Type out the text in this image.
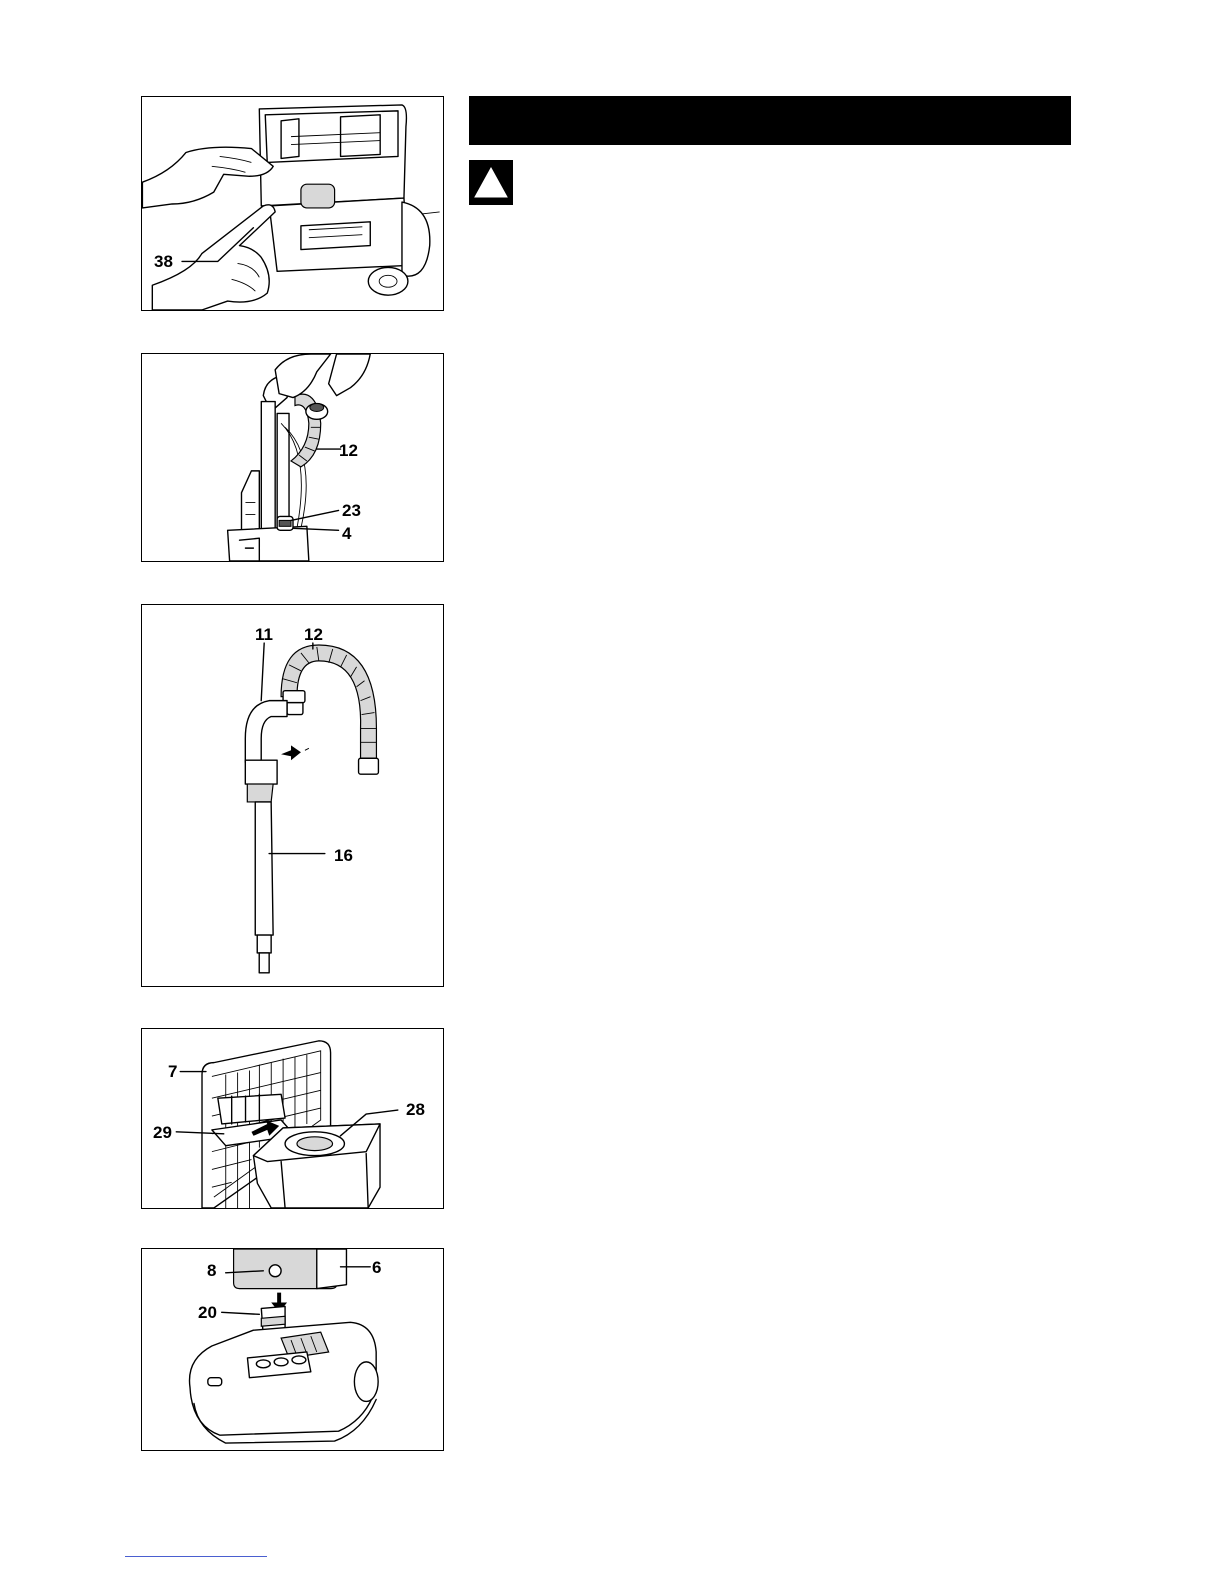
38
12
23
4
11 12
16
7
29
28
8	6
20
